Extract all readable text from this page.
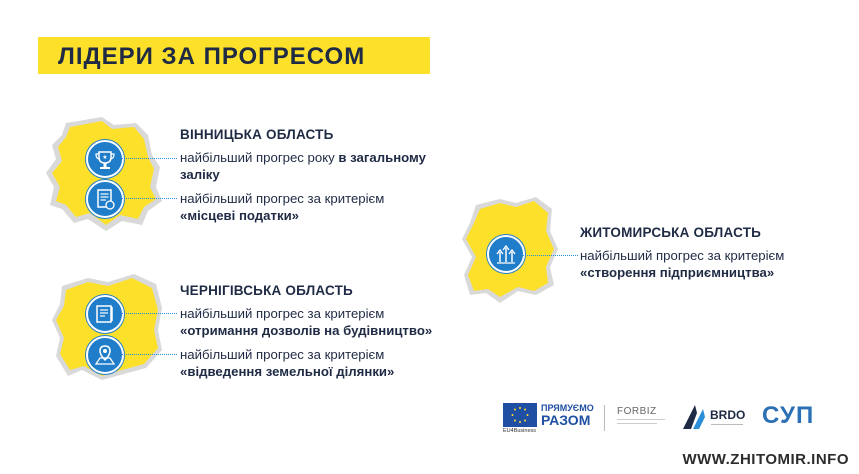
ЛІДЕРИ ЗА ПРОГРЕСОМ
★
ВІННИЦЬКА ОБЛАСТЬ
найбільший прогрес року в загальному
заліку
найбільший прогрес за критерієм
«місцеві податки»
ЧЕРНІГІВСЬКА ОБЛАСТЬ
найбільший прогрес за критерієм
«отримання дозволів на будівництво»
найбільший прогрес за критерієм
«відведення земельної ділянки»
ЖИТОМИРСЬКА ОБЛАСТЬ
найбільший прогрес за критерієм
«створення підприємництва»
ПРЯМУЄМО
РАЗОМ
EU4Business
FORBIZ	BRDO СУП
WWW.ZHITOMIR.INFO
